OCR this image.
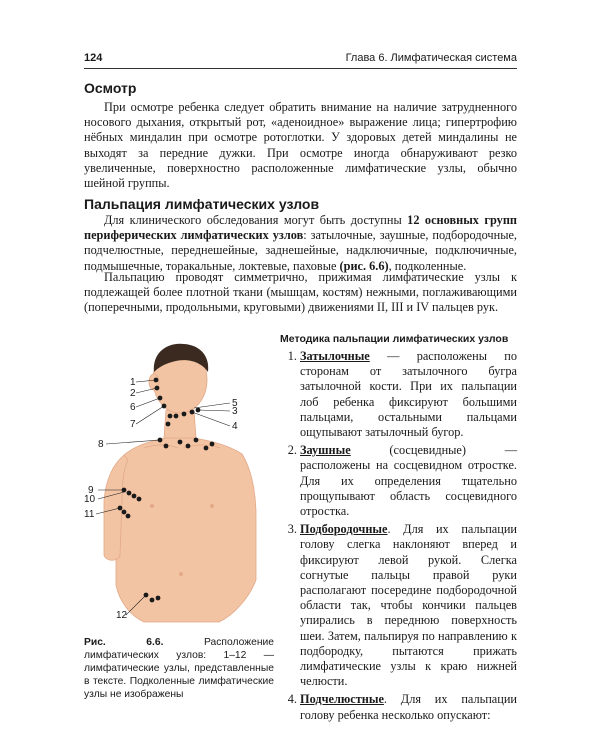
124	Глава 6. Лимфатическая система
Осмотр

При осмотре ребенка следует обратить внимание на наличие затрудненного носового дыхания, открытый рот, «аденоидное» выражение лица; гипертрофию нёбных миндалин при осмотре ротоглотки. У здоровых детей миндалины не выходят за передние дужки. При осмотре иногда обнаруживают резко увеличенные, поверхностно расположенные лимфатические узлы, обычно шейной группы.

Пальпация лимфатических узлов

Для клинического обследования могут быть доступны 12 основных групп периферических лимфатических узлов: затылочные, заушные, подбородочные, подчелюстные, переднешейные, заднешейные, надключичные, подключичные, подмышечные, торакальные, локтевые, паховые (рис. 6.6), подколенные.

Пальпацию проводят симметрично, прижимая лимфатические узлы к подлежащей более плотной ткани (мышцам, костям) нежными, поглаживающими (поперечными, продольными, круговыми) движениями II, III и IV пальцев рук.

1
2
3
4
5
6
7
8
9
10
11
12

Рис. 6.6. Расположение лимфатических узлов: 1–12 — лимфатические узлы, представленные в тексте. Подколенные лимфатические узлы не изображены

Методика пальпации лимфатических узлов

1. Затылочные — расположены по сторонам от затылочного бугра затылочной кости. При их пальпации лоб ребенка фиксируют большими пальцами, остальными пальцами ощупывают затылочный бугор.
2. Заушные (сосцевидные) — расположены на сосцевидном отростке. Для их определения тщательно прощупывают область сосцевидного отростка.
3. Подбородочные. Для их пальпации голову слегка наклоняют вперед и фиксируют левой рукой. Слегка согнутые пальцы правой руки располагают посередине подбородочной области так, чтобы кончики пальцев упирались в переднюю поверхность шеи. Затем, пальпируя по направлению к подбородку, пытаются прижать лимфатические узлы к краю нижней челюсти.
4. Подчелюстные. Для их пальпации голову ребенка несколько опускают:
